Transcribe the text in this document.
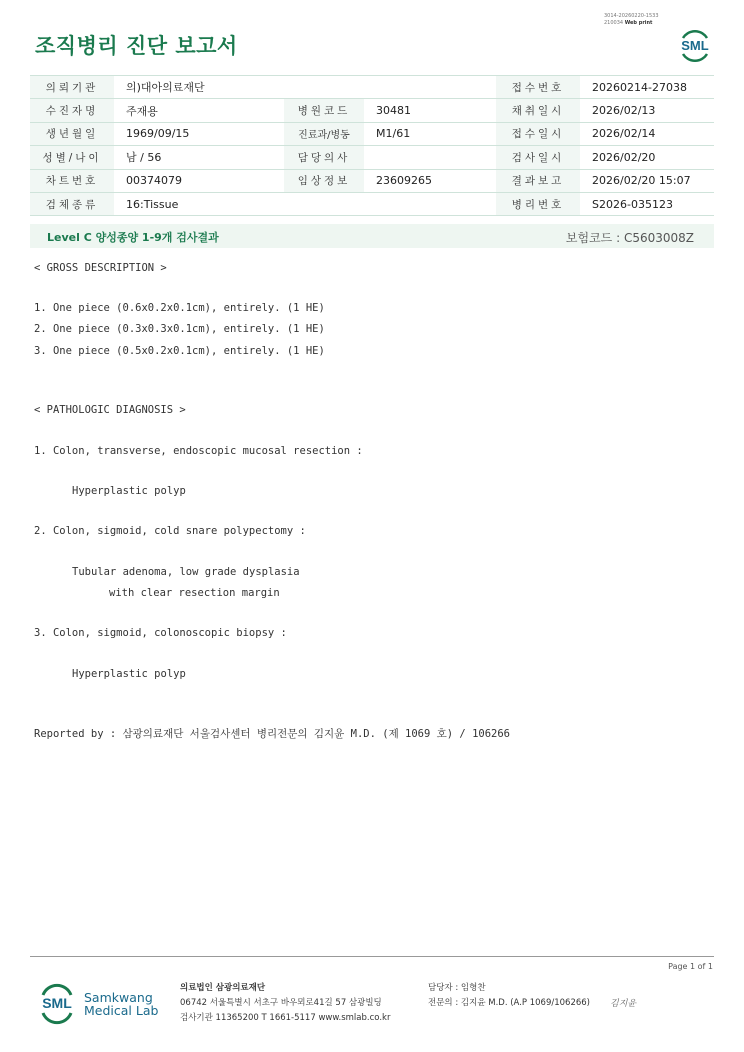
조직병리 진단 보고서
3014-20260220-1533
210034 Web print
SML
의뢰기관	의)대아의료재단			접수번호	20260214-27038
수진자명	주재용	병원코드	30481	채취일시	2026/02/13
생년월일	1969/09/15	진료과/병동	M1/61	접수일시	2026/02/14
성별/나이	남 / 56	담당의사		검사일시	2026/02/20
차트번호	00374079	임상정보	23609265	결과보고	2026/02/20 15:07
검체종류	16:Tissue			병리번호	S2026-035123
Level C 양성종양 1-9개 검사결과	보험코드 : C5603008Z
< GROSS DESCRIPTION >
1. One piece (0.6x0.2x0.1cm), entirely. (1 HE)
2. One piece (0.3x0.3x0.1cm), entirely. (1 HE)
3. One piece (0.5x0.2x0.1cm), entirely. (1 HE)
< PATHOLOGIC DIAGNOSIS >
1. Colon, transverse, endoscopic mucosal resection :
Hyperplastic polyp
2. Colon, sigmoid, cold snare polypectomy :
Tubular adenoma, low grade dysplasia
with clear resection margin
3. Colon, sigmoid, colonoscopic biopsy :
Hyperplastic polyp
Reported by : 삼광의료재단 서울검사센터 병리전문의 김지윤 M.D. (제 1069 호) / 106266
Page 1 of 1
SML Samkwang
Medical Lab
의료법인 삼광의료재단
06742 서울특별시 서초구 바우뫼로41길 57 삼광빌딩
검사기관 11365200 T 1661-5117 www.smlab.co.kr
담당자 : 임형찬
전문의 : 김지윤 M.D. (A.P 1069/106266) 김지윤
